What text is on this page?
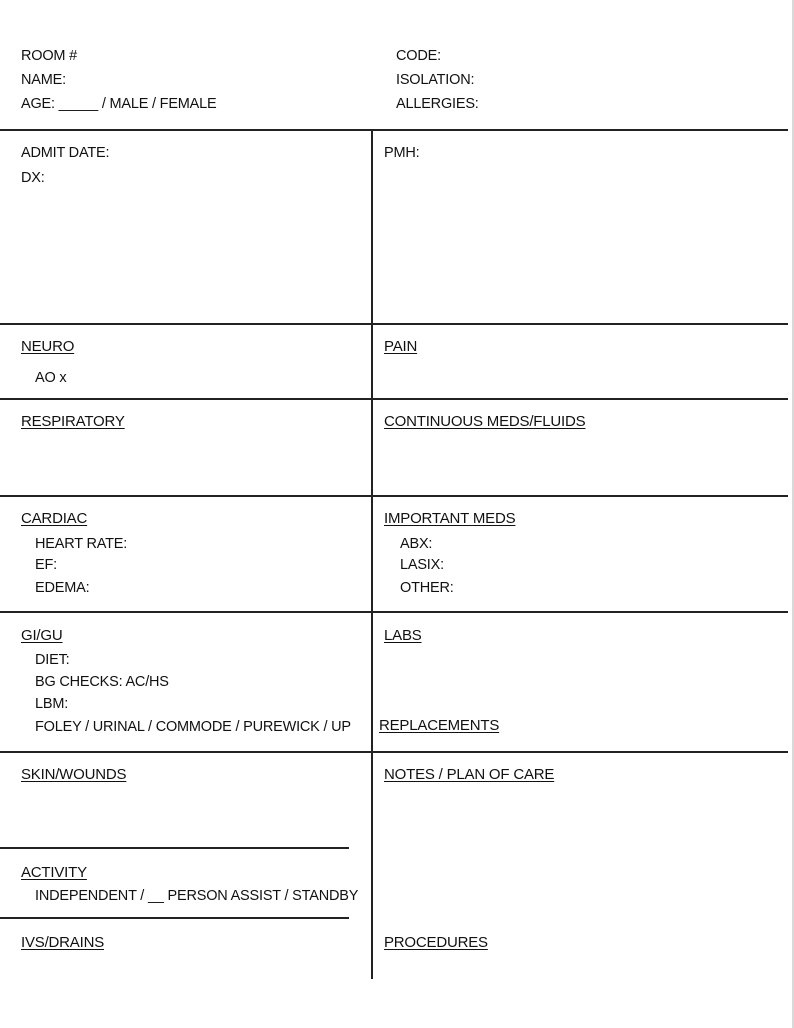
ROOM #
NAME:
AGE: _____ / MALE / FEMALE
CODE:
ISOLATION:
ALLERGIES:
ADMIT DATE:
DX:
PMH:
NEURO
AO x
PAIN
RESPIRATORY	CONTINUOUS MEDS/FLUIDS
CARDIAC
HEART RATE:
EF:
EDEMA:
IMPORTANT MEDS
ABX:
LASIX:
OTHER:
GI/GU
DIET:
BG CHECKS: AC/HS
LBM:
FOLEY / URINAL / COMMODE / PUREWICK / UP
LABS
REPLACEMENTS
SKIN/WOUNDS	NOTES / PLAN OF CARE
ACTIVITY
INDEPENDENT / __ PERSON ASSIST / STANDBY
IVS/DRAINS	PROCEDURES
